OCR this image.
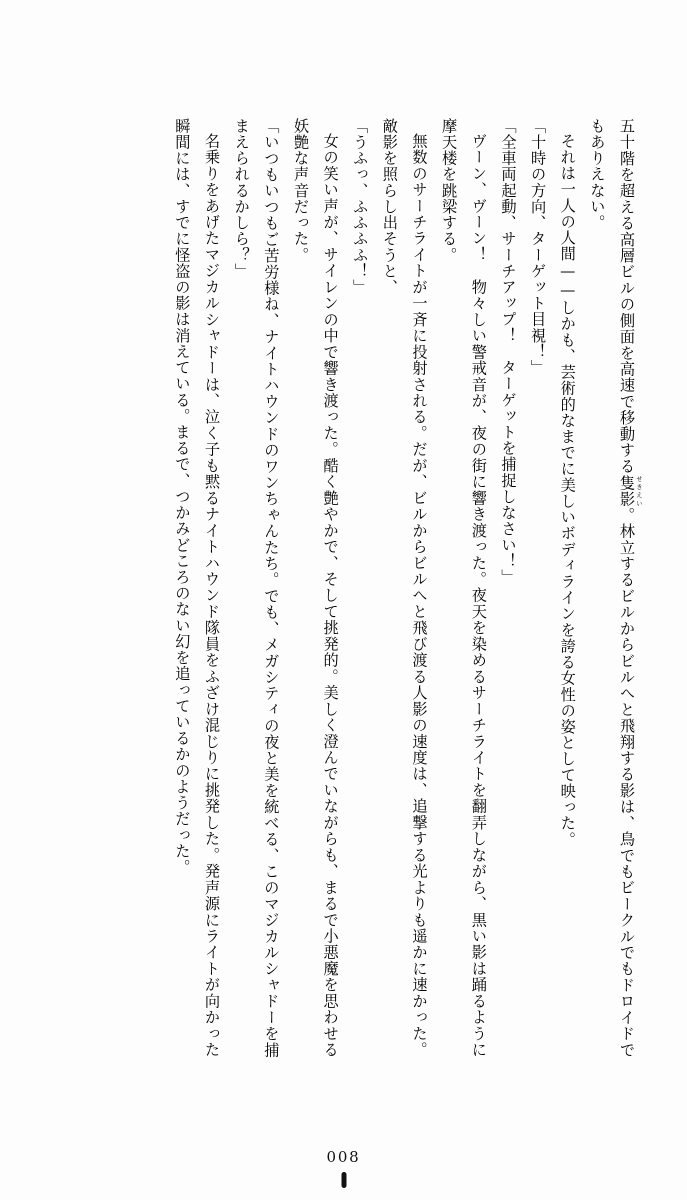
五十階を超える高層ビルの側面を高速で移動する隻影 せきえい。林立するビルからビルへと飛翔する影は、鳥でもビークルでもドロイドでもありえない。

それは一人の人間——しかも、芸術的なまでに美しいボディラインを誇る女性の姿として映った。

「十時の方向、ターゲット目視！」

「全車両起動、サーチアップ！　ターゲットを捕捉しなさい！」

ヴーン、ヴーン！　物々しい警戒音が、夜の街に響き渡った。夜天を染めるサーチライトを翻弄しながら、黒い影は踊るように摩天楼を跳梁する。

無数のサーチライトが一斉に投射される。だが、ビルからビルへと飛び渡る人影の速度は、追撃する光よりも遥かに速かった。敵影を照らし出そうと、

「うふっ、ふふふふ！」

女の笑い声が、サイレンの中で響き渡った。酷く艶やかで、そして挑発的。美しく澄んでいながらも、まるで小悪魔を思わせる妖艶な声音だった。

「いつもいつもご苦労様ね、ナイトハウンドのワンちゃんたち。でも、メガシティの夜と美を統べる、このマジカルシャドーを捕まえられるかしら？」

名乗りをあげたマジカルシャドーは、泣く子も黙るナイトハウンド隊員をふざけ混じりに挑発した。発声源にライトが向かった瞬間には、すでに怪盗の影は消えている。まるで、つかみどころのない幻を追っているかのようだった。

008
